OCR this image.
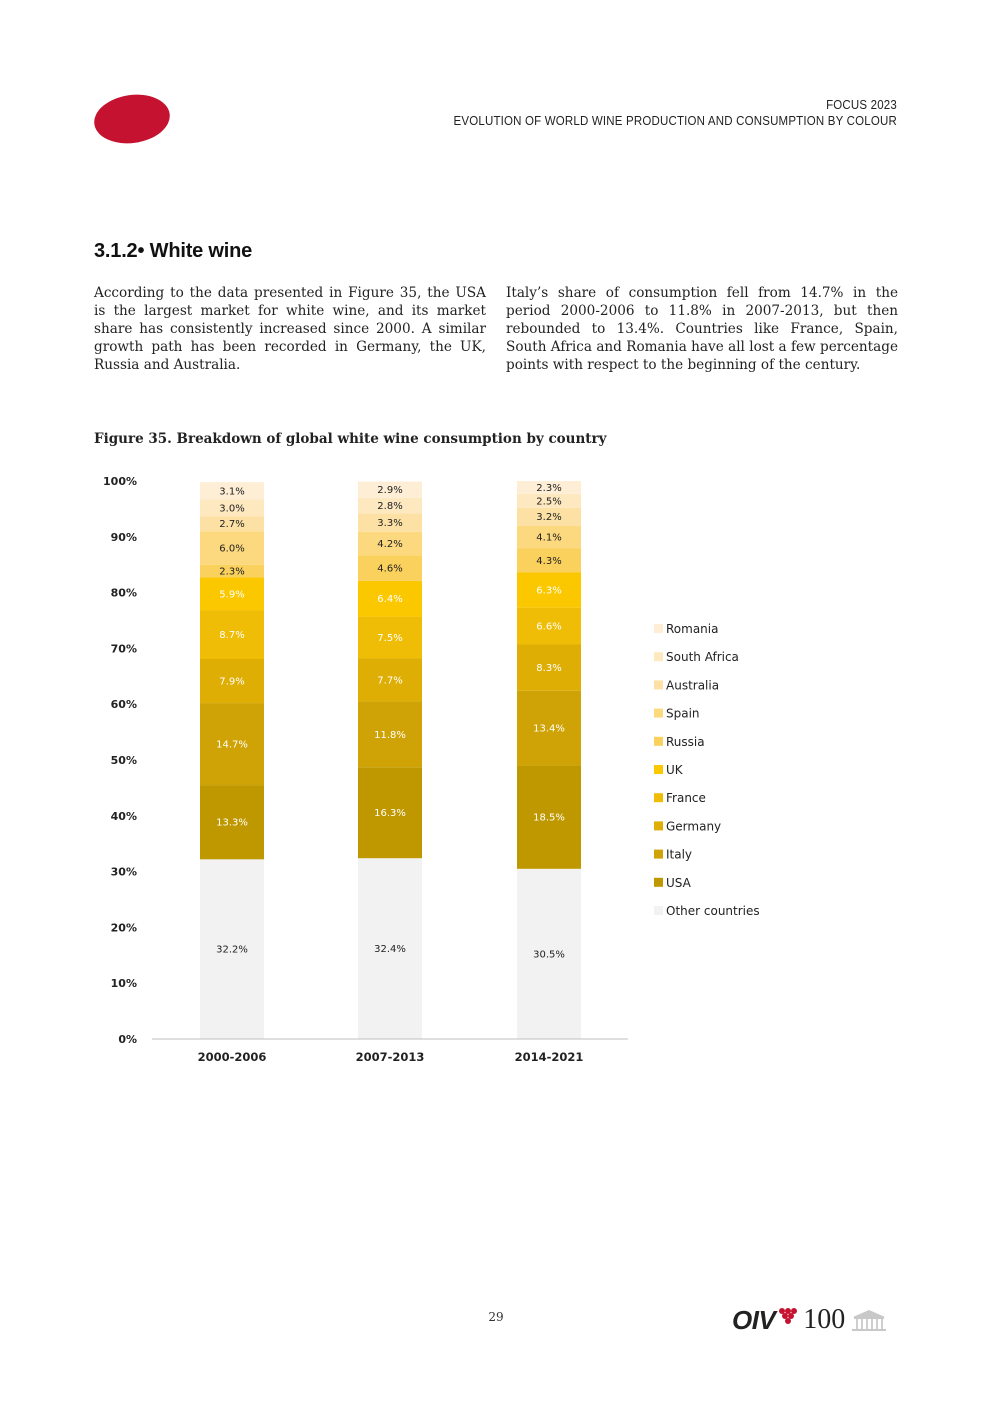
FOCUS 2023
EVOLUTION OF WORLD WINE PRODUCTION AND CONSUMPTION BY COLOUR
3.1.2• White wine
According to the data presented in Figure 35, the USA is the largest market for white wine, and its market share has consistently increased since 2000. A similar growth path has been recorded in Germany, the UK, Russia and Australia.
Italy’s share of consumption fell from 14.7% in the period 2000-2006 to 11.8% in 2007-2013, but then rebounded to 13.4%. Countries like France, Spain, South Africa and Romania have all lost a few percentage points with respect to the beginning of the century.
Figure 35. Breakdown of global white wine consumption by country
0%
10%
20%
30%
40%
50%
60%
70%
80%
90%
100%
32.2%
13.3%
14.7%
7.9%
8.7%
5.9%
2.3%
6.0%
2.7%
3.0%
3.1%
2000-2006
32.4%
16.3%
11.8%
7.7%
7.5%
6.4%
4.6%
4.2%
3.3%
2.8%
2.9%
2007-2013
30.5%
18.5%
13.4%
8.3%
6.6%
6.3%
4.3%
4.1%
3.2%
2.5%
2.3%
2014-2021
Romania
South Africa
Australia
Spain
Russia
UK
France
Germany
Italy
USA
Other countries
29	OIV 100
